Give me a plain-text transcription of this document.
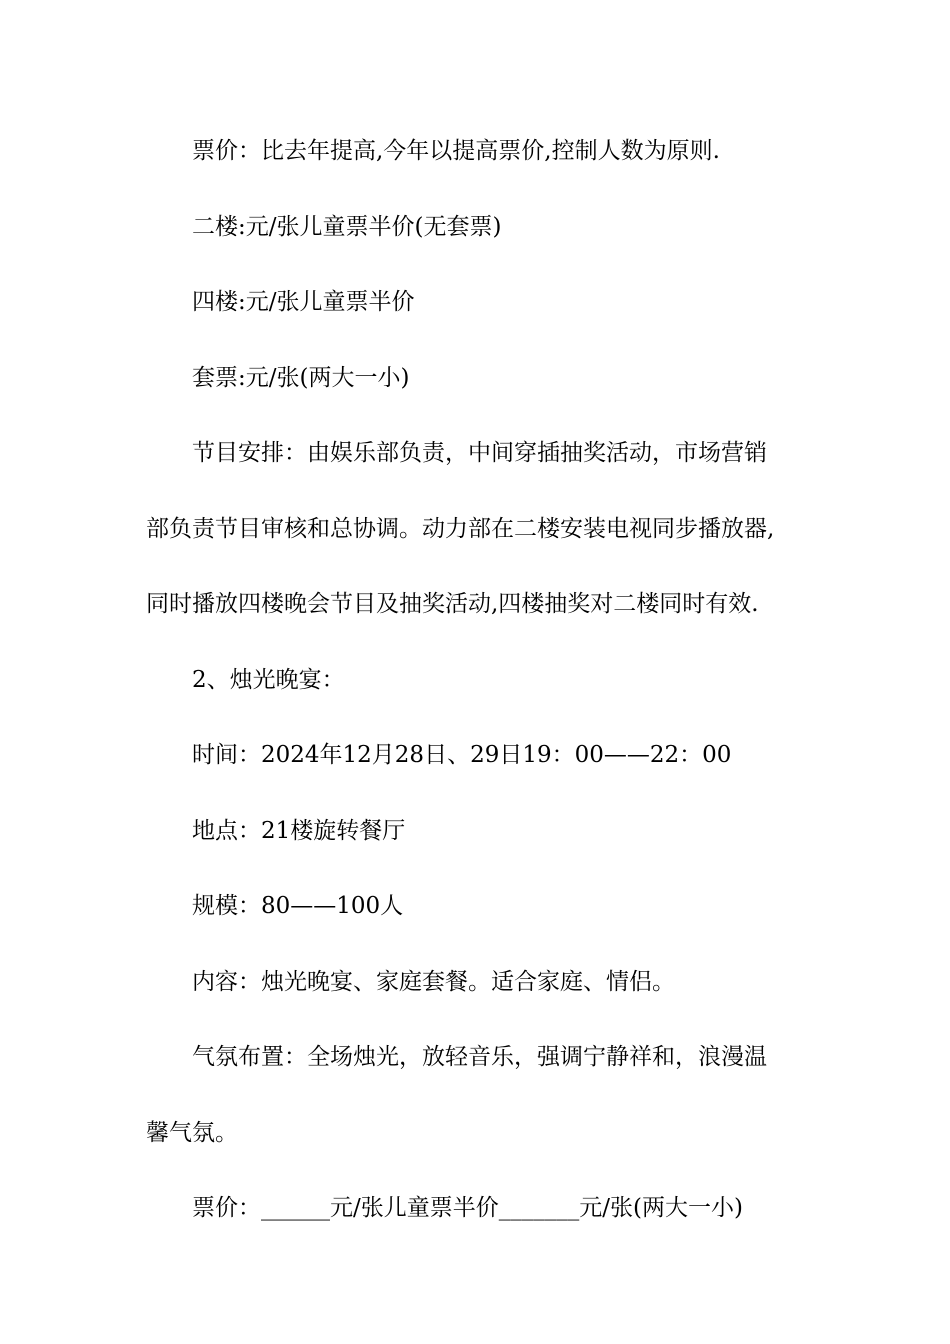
票价：比去年提高,今年以提高票价,控制人数为原则.
二楼:元/张儿童票半价(无套票)
四楼:元/张儿童票半价
套票:元/张(两大一小)
节目安排：由娱乐部负责，中间穿插抽奖活动，市场营销
部负责节目审核和总协调。动力部在二楼安装电视同步播放器,
同时播放四楼晚会节目及抽奖活动,四楼抽奖对二楼同时有效.
2、烛光晚宴：
时间：2024年12月28日、29日19：00——22：00
地点：21楼旋转餐厅
规模：80——100人
内容：烛光晚宴、家庭套餐。适合家庭、情侣。
气氛布置：全场烛光，放轻音乐，强调宁静祥和，浪漫温
馨气氛。
票价：______元/张儿童票半价_______元/张(两大一小)
